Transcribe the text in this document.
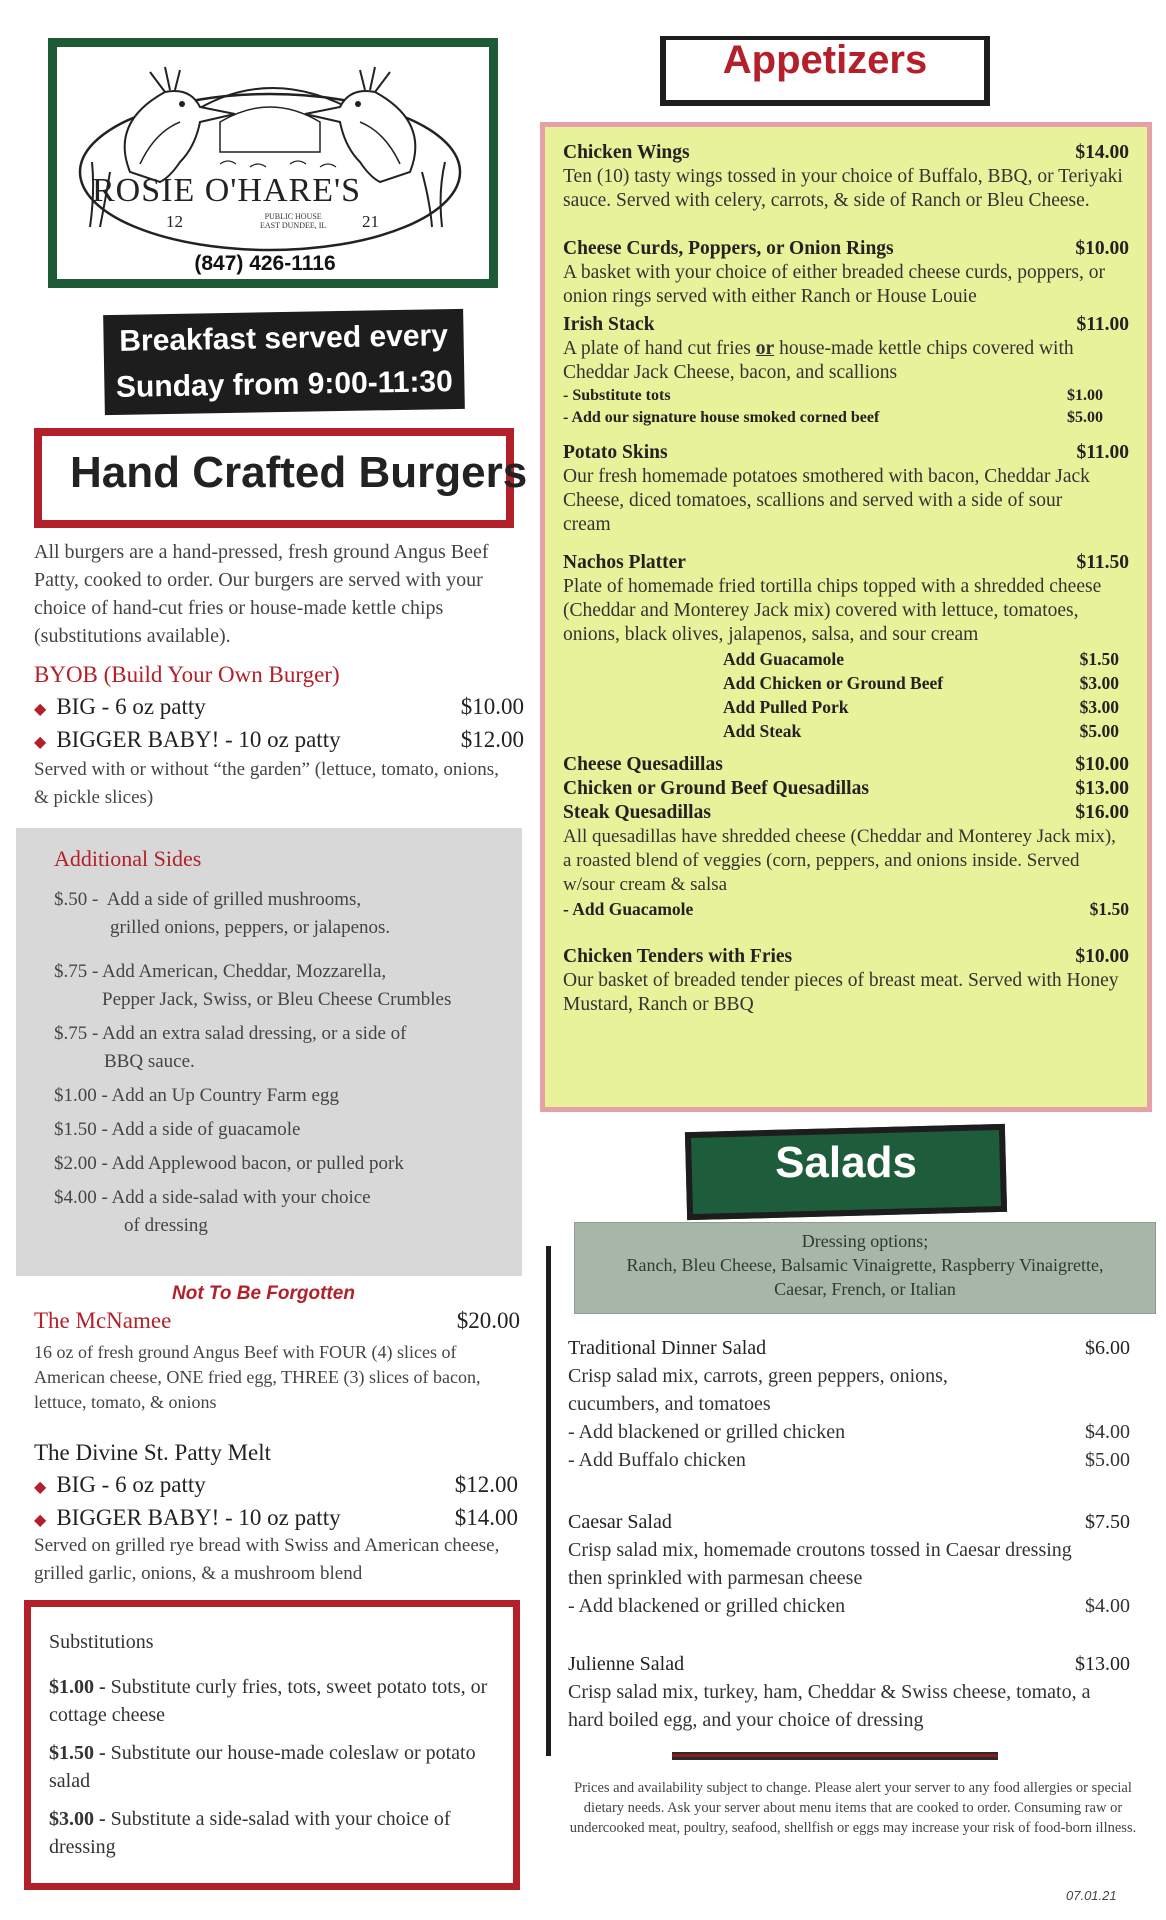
ROSIE O'HARE'S
12	PUBLIC HOUSE
EAST DUNDEE, IL 21
(847) 426-1116
Breakfast served every
Sunday from 9:00-11:30 am
Hand Crafted Burgers
All burgers are a hand-pressed, fresh ground Angus Beef Patty, cooked to order. Our burgers are served with your choice of hand-cut fries or house-made kettle chips (substitutions available).
BYOB (Build Your Own Burger)
◆ BIG - 6 oz patty	$10.00
◆ BIGGER BABY! - 10 oz patty	$12.00
Served with or without “the garden” (lettuce, tomato, onions, & pickle slices)
Additional Sides
$.50 - Add a side of grilled mushrooms,
grilled onions, peppers, or jalapenos.
$.75 - Add American, Cheddar, Mozzarella,
Pepper Jack, Swiss, or Bleu Cheese Crumbles
$.75 - Add an extra salad dressing, or a side of
BBQ sauce.
$1.00 - Add an Up Country Farm egg
$1.50 - Add a side of guacamole
$2.00 - Add Applewood bacon, or pulled pork
$4.00 - Add a side-salad with your choice
of dressing
Not To Be Forgotten
The McNamee	$20.00
16 oz of fresh ground Angus Beef with FOUR (4) slices of American cheese, ONE fried egg, THREE (3) slices of bacon, lettuce, tomato, & onions
The Divine St. Patty Melt
◆ BIG - 6 oz patty	$12.00
◆ BIGGER BABY! - 10 oz patty	$14.00
Served on grilled rye bread with Swiss and American cheese, grilled garlic, onions, & a mushroom blend
Substitutions
$1.00 - Substitute curly fries, tots, sweet potato tots, or cottage cheese
$1.50 - Substitute our house-made coleslaw or potato salad
$3.00 - Substitute a side-salad with your choice of dressing
Appetizers
Chicken Wings	$14.00
Ten (10) tasty wings tossed in your choice of Buffalo, BBQ, or Teriyaki sauce. Served with celery, carrots, & side of Ranch or Bleu Cheese.
Cheese Curds, Poppers, or Onion Rings	$10.00
A basket with your choice of either breaded cheese curds, poppers, or onion rings served with either Ranch or House Louie
Irish Stack	$11.00
A plate of hand cut fries or house-made kettle chips covered with Cheddar Jack Cheese, bacon, and scallions
- Substitute tots	$1.00
- Add our signature house smoked corned beef	$5.00
Potato Skins	$11.00
Our fresh homemade potatoes smothered with bacon, Cheddar Jack Cheese, diced tomatoes, scallions and served with a side of sour cream
Nachos Platter	$11.50
Plate of homemade fried tortilla chips topped with a shredded cheese (Cheddar and Monterey Jack mix) covered with lettuce, tomatoes, onions, black olives, jalapenos, salsa, and sour cream
Add Guacamole	$1.50
Add Chicken or Ground Beef	$3.00
Add Pulled Pork	$3.00
Add Steak	$5.00
Cheese Quesadillas	$10.00
Chicken or Ground Beef Quesadillas	$13.00
Steak Quesadillas	$16.00
All quesadillas have shredded cheese (Cheddar and Monterey Jack mix), a roasted blend of veggies (corn, peppers, and onions inside. Served w/sour cream & salsa
- Add Guacamole	$1.50
Chicken Tenders with Fries	$10.00
Our basket of breaded tender pieces of breast meat. Served with Honey Mustard, Ranch or BBQ
Salads
Dressing options;
Ranch, Bleu Cheese, Balsamic Vinaigrette, Raspberry Vinaigrette,
Caesar, French, or Italian
Traditional Dinner Salad	$6.00
Crisp salad mix, carrots, green peppers, onions, cucumbers, and tomatoes
- Add blackened or grilled chicken	$4.00
- Add Buffalo chicken	$5.00
Caesar Salad	$7.50
Crisp salad mix, homemade croutons tossed in Caesar dressing then sprinkled with parmesan cheese
- Add blackened or grilled chicken	$4.00
Julienne Salad	$13.00
Crisp salad mix, turkey, ham, Cheddar & Swiss cheese, tomato, a hard boiled egg, and your choice of dressing
Prices and availability subject to change. Please alert your server to any food allergies or special dietary needs. Ask your server about menu items that are cooked to order. Consuming raw or undercooked meat, poultry, seafood, shellfish or eggs may increase your risk of food-born illness.
07.01.21
